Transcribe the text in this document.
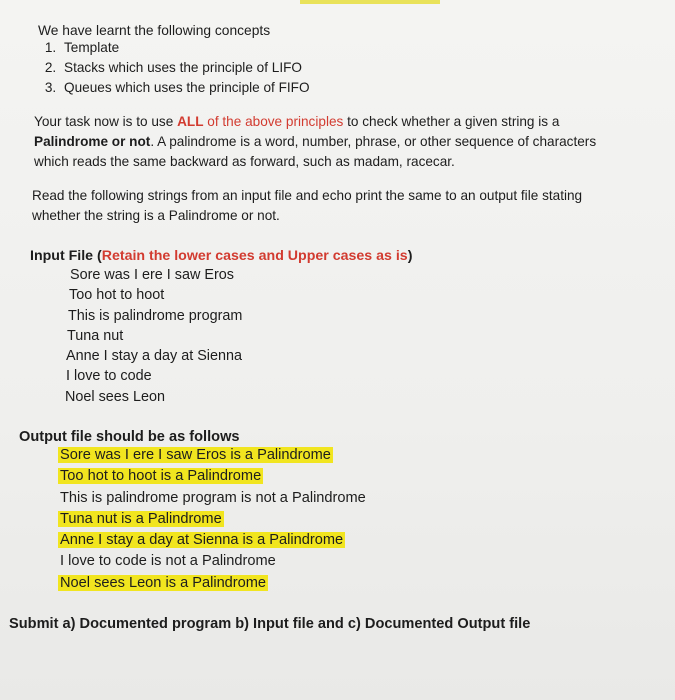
We have learnt the following concepts
1. Template
2. Stacks which uses the principle of LIFO
3. Queues which uses the principle of FIFO
Your task now is to use ALL of the above principles to check whether a given string is a
Palindrome or not. A palindrome is a word, number, phrase, or other sequence of characters
which reads the same backward as forward, such as madam, racecar.
Read the following strings from an input file and echo print the same to an output file stating
whether the string is a Palindrome or not.
Input File (Retain the lower cases and Upper cases as is)
Sore was I ere I saw Eros
Too hot to hoot
This is palindrome program
Tuna nut
Anne I stay a day at Sienna
I love to code
Noel sees Leon
Output file should be as follows
Sore was I ere I saw Eros is a Palindrome
Too hot to hoot is a Palindrome
This is palindrome program is not a Palindrome
Tuna nut is a Palindrome
Anne I stay a day at Sienna is a Palindrome
I love to code is not a Palindrome
Noel sees Leon is a Palindrome
Submit a) Documented program b) Input file and c) Documented Output file
